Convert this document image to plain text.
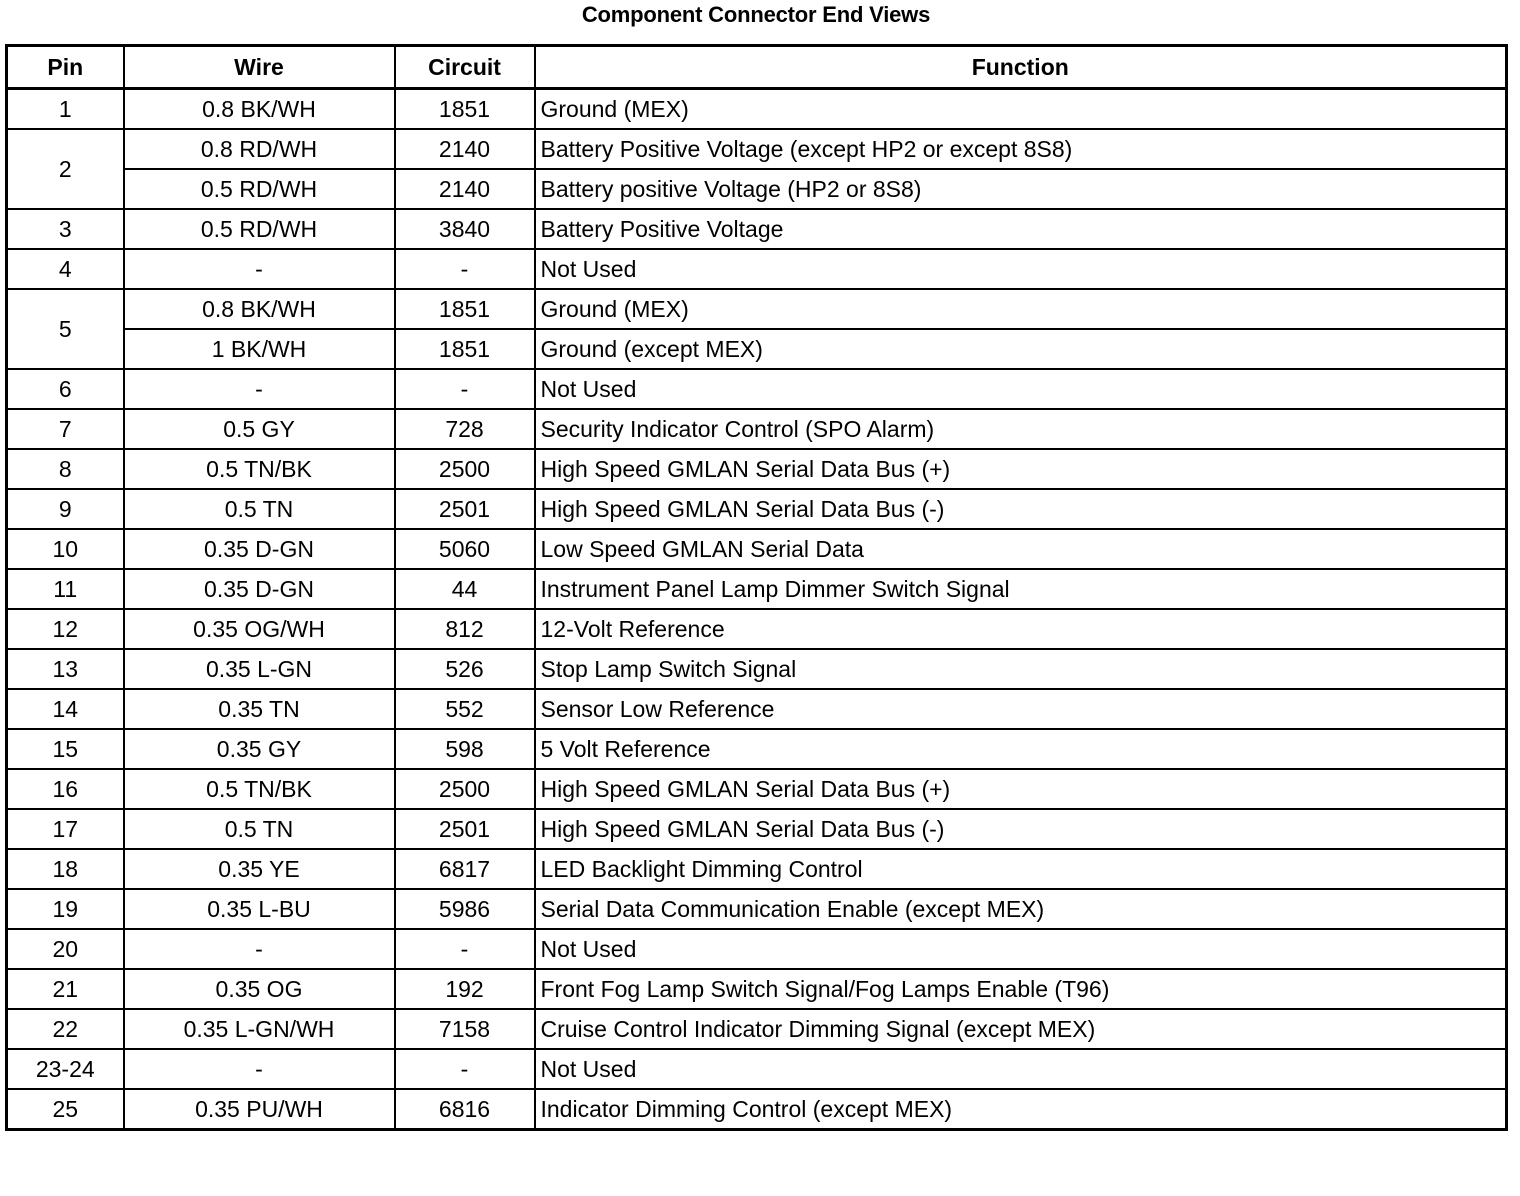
Component Connector End Views
Pin	Wire	Circuit	Function
1	0.8 BK/WH	1851	Ground (MEX)
2	0.8 RD/WH	2140	Battery Positive Voltage (except HP2 or except 8S8)
	0.5 RD/WH	2140	Battery positive Voltage (HP2 or 8S8)
3	0.5 RD/WH	3840	Battery Positive Voltage
4	-	-	Not Used
5	0.8 BK/WH	1851	Ground (MEX)
	1 BK/WH	1851	Ground (except MEX)
6	-	-	Not Used
7	0.5 GY	728	Security Indicator Control (SPO Alarm)
8	0.5 TN/BK	2500	High Speed GMLAN Serial Data Bus (+)
9	0.5 TN	2501	High Speed GMLAN Serial Data Bus (-)
10	0.35 D-GN	5060	Low Speed GMLAN Serial Data
11	0.35 D-GN	44	Instrument Panel Lamp Dimmer Switch Signal
12	0.35 OG/WH	812	12-Volt Reference
13	0.35 L-GN	526	Stop Lamp Switch Signal
14	0.35 TN	552	Sensor Low Reference
15	0.35 GY	598	5 Volt Reference
16	0.5 TN/BK	2500	High Speed GMLAN Serial Data Bus (+)
17	0.5 TN	2501	High Speed GMLAN Serial Data Bus (-)
18	0.35 YE	6817	LED Backlight Dimming Control
19	0.35 L-BU	5986	Serial Data Communication Enable (except MEX)
20	-	-	Not Used
21	0.35 OG	192	Front Fog Lamp Switch Signal/Fog Lamps Enable (T96)
22	0.35 L-GN/WH	7158	Cruise Control Indicator Dimming Signal (except MEX)
23-24	-	-	Not Used
25	0.35 PU/WH	6816	Indicator Dimming Control (except MEX)
